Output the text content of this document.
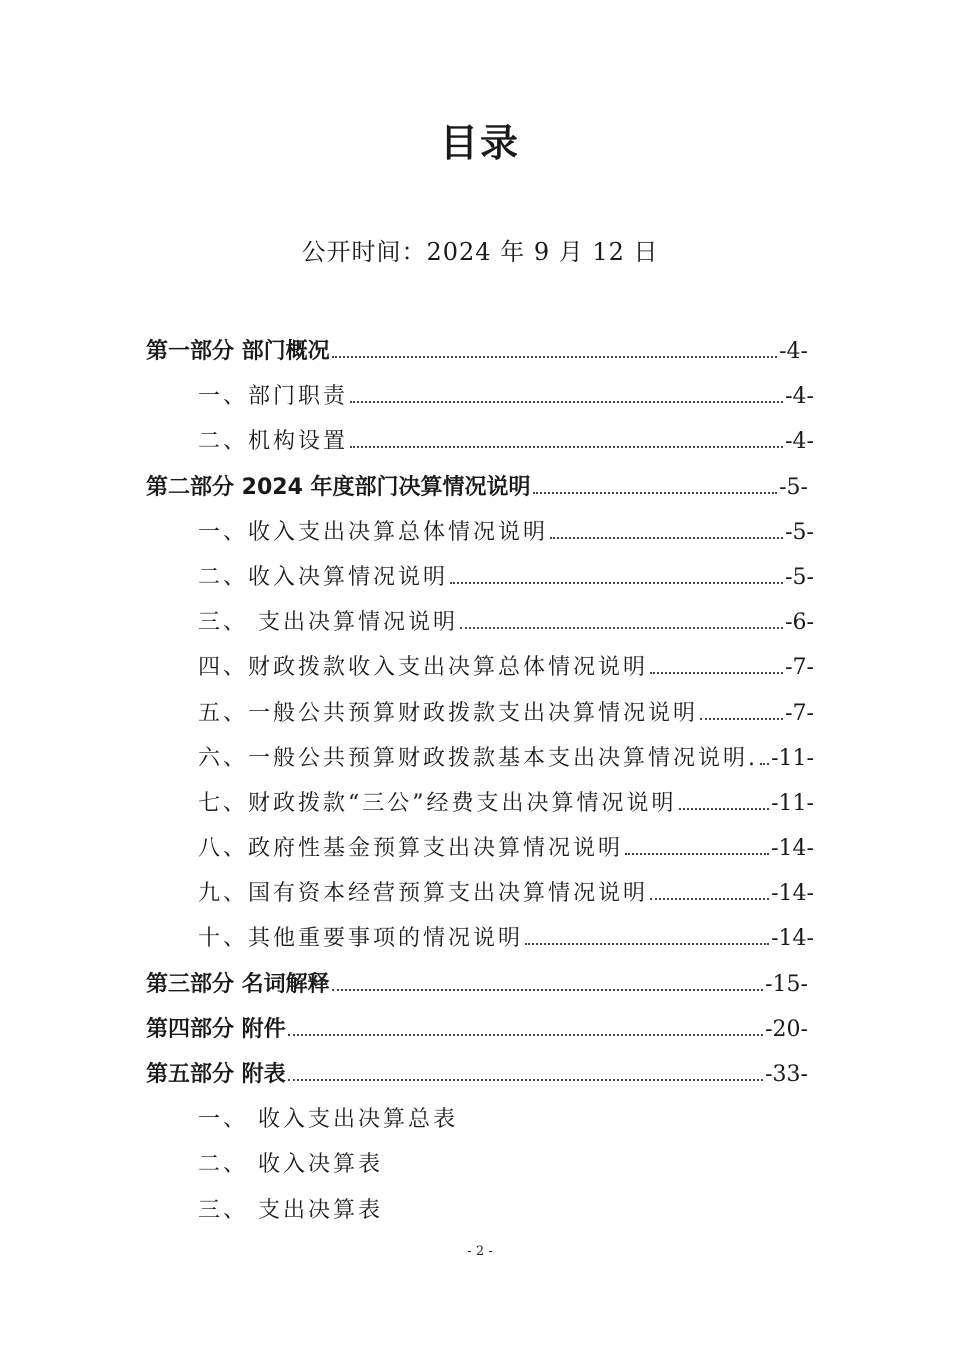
目录
公开时间：2024 年 9 月 12 日
第一部分 部门概况	-4-
一、部门职责	-4-
二、机构设置	-4-
第二部分 2024 年度部门决算情况说明	-5-
一、收入支出决算总体情况说明	-5-
二、收入决算情况说明	-5-
三、 支出决算情况说明	-6-
四、财政拨款收入支出决算总体情况说明	-7-
五、一般公共预算财政拨款支出决算情况说明	-7-
六、一般公共预算财政拨款基本支出决算情况说明. -11-
七、财政拨款“三公”经费支出决算情况说明	-11-
八、政府性基金预算支出决算情况说明	-14-
九、国有资本经营预算支出决算情况说明	-14-
十、其他重要事项的情况说明	-14-
第三部分 名词解释	-15-
第四部分 附件	-20-
第五部分 附表	-33-
一、 收入支出决算总表
二、 收入决算表
三、 支出决算表
- 2 -
